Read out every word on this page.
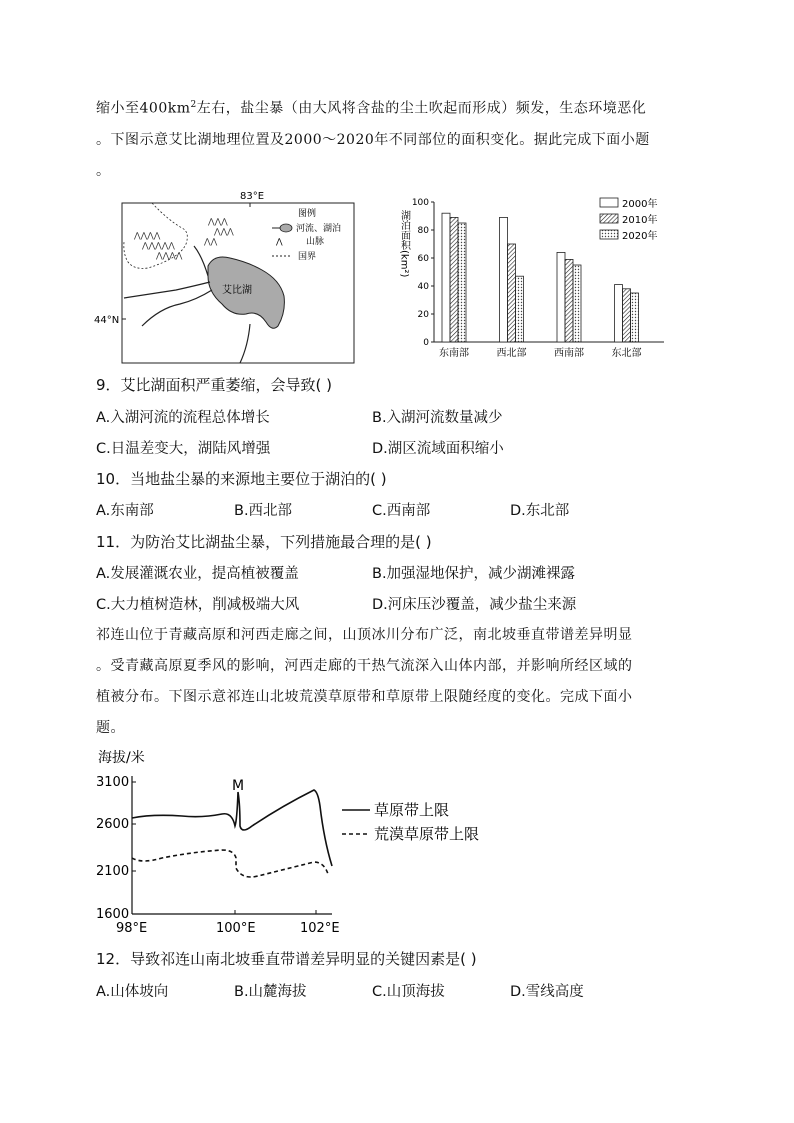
缩小至$400km^2$左右，盐尘暴（由大风将含盐的尘土吹起而形成）频发，生态环境恶化
。下图示意艾比湖地理位置及2000～2020年不同部位的面积变化。据此完成下面小题
。
83°E
44°N
⋀⋀⋀⋀
⋀⋀⋀⋀⋀
⋀⋀⋀⋀
⋀⋀⋀
⋀⋀⋀
⋀⋀
艾比湖
图例
河流、湖泊
⋀	山脉
国界
0
20
40
60
80
100
湖泊面积(km²)
东南部	西北部	西南部	东北部
2000年
2010年
2020年
9．艾比湖面积严重萎缩，会导致( )
A.入湖河流的流程总体增长	B.入湖河流数量减少
C.日温差变大，湖陆风增强	D.湖区流域面积缩小
10．当地盐尘暴的来源地主要位于湖泊的( )
A.东南部	B.西北部	C.西南部	D.东北部
11．为防治艾比湖盐尘暴，下列措施最合理的是( )
A.发展灌溉农业，提高植被覆盖	B.加强湿地保护，减少湖滩裸露
C.大力植树造林，削减极端大风	D.河床压沙覆盖，减少盐尘来源
祁连山位于青藏高原和河西走廊之间，山顶冰川分布广泛，南北坡垂直带谱差异明显
。受青藏高原夏季风的影响，河西走廊的干热气流深入山体内部，并影响所经区域的
植被分布。下图示意祁连山北坡荒漠草原带和草原带上限随经度的变化。完成下面小
题。
海拔/米
3100
2600
2100
1600
98°E	100°E	102°E
M
草原带上限
荒漠草原带上限
12．导致祁连山南北坡垂直带谱差异明显的关键因素是( )
A.山体坡向	B.山麓海拔	C.山顶海拔	D.雪线高度
